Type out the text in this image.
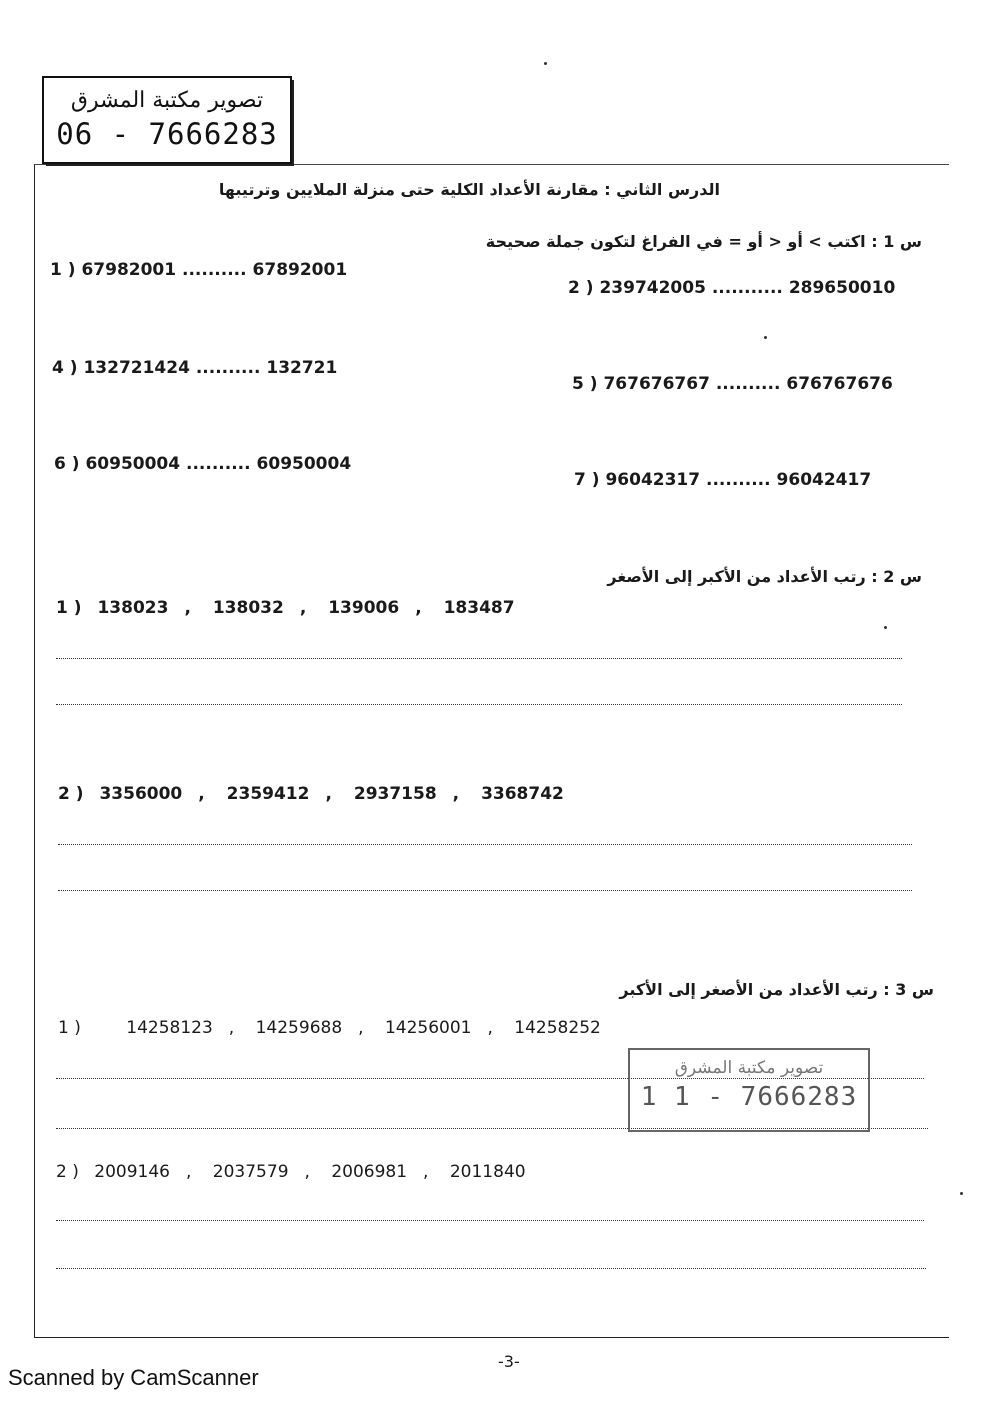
تصوير مكتبة المشرق
06 - 7666283
الدرس الثاني : مقارنة الأعداد الكلية حتى منزلة الملايين وترتيبها
س 1 : اكتب > أو < أو = في الفراغ لتكون جملة صحيحة
1 ) 67982001 .......... 67892001
2 ) 239742005 ........... 289650010
4 ) 132721424 .......... 132721
5 ) 767676767 .......... 676767676
6 ) 60950004 .......... 60950004
7 ) 96042317 .......... 96042417
س 2 : رتب الأعداد من الأكبر إلى الأصغر
1 ) 138023 , 138032 , 139006 , 183487
2 ) 3356000 , 2359412 , 2937158 , 3368742
س 3 : رتب الأعداد من الأصغر إلى الأكبر
1 )	14258123 , 14259688 , 14256001 , 14258252
تصوير مكتبة المشرق
1 1 - 7666283
2 ) 2009146 , 2037579 , 2006981 , 2011840
-3-
Scanned by CamScanner
